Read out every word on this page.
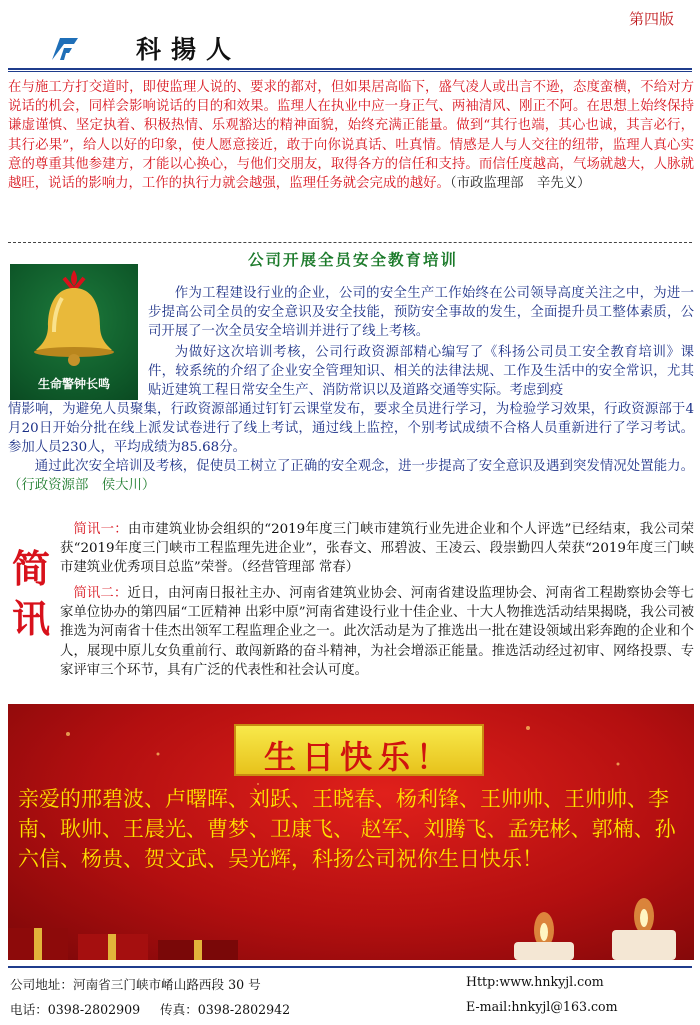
第四版
科揚人
在与施工方打交道时，即使监理人说的、要求的都对，但如果居高临下，盛气凌人或出言不逊，态度蛮横，不给对方说话的机会，同样会影响说话的目的和效果。监理人在执业中应一身正气、两袖清风、刚正不阿。在思想上始终保持谦虚谨慎、坚定执着、积极热情、乐观豁达的精神面貌，始终充满正能量。做到“其行也端，其心也诚，其言必行，其行必果”，给人以好的印象，使人愿意接近，敢于向你说真话、吐真情。情感是人与人交往的纽带，监理人真心实意的尊重其他参建方，才能以心换心，与他们交朋友，取得各方的信任和支持。而信任度越高，气场就越大，人脉就越旺，说话的影响力，工作的执行力就会越强，监理任务就会完成的越好。（市政监理部　辛先义）
生命警钟长鸣
公司开展全员安全教育培训
作为工程建设行业的企业，公司的安全生产工作始终在公司领导高度关注之中，为进一步提高公司全员的安全意识及安全技能，预防安全事故的发生，全面提升员工整体素质，公司开展了一次全员安全培训并进行了线上考核。
为做好这次培训考核，公司行政资源部精心编写了《科扬公司员工安全教育培训》课件，较系统的介绍了企业安全管理知识、相关的法律法规、工作及生活中的安全常识，尤其贴近建筑工程日常安全生产、消防常识以及道路交通等实际。考虑到疫
情影响，为避免人员聚集，行政资源部通过钉钉云课堂发布，要求全员进行学习，为检验学习效果，行政资源部于4月20日开始分批在线上派发试卷进行了线上考试，通过线上监控，个别考试成绩不合格人员重新进行了学习考试。参加人员230人，平均成绩为85.68分。
通过此次安全培训及考核，促使员工树立了正确的安全观念，进一步提高了安全意识及遇到突发情况处置能力。（行政资源部　侯大川）
简
讯
简讯一：由市建筑业协会组织的“2019年度三门峡市建筑行业先进企业和个人评选”已经结束，我公司荣获“2019年度三门峡市工程监理先进企业”，张春文、邢碧波、王凌云、段崇勤四人荣获“2019年度三门峡市建筑业优秀项目总监”荣誉。（经营管理部 常春）
简讯二：近日，由河南日报社主办、河南省建筑业协会、河南省建设监理协会、河南省工程勘察协会等七家单位协办的第四届“工匠精神 出彩中原”河南省建设行业十佳企业、十大人物推选活动结果揭晓，我公司被推选为河南省十佳杰出领军工程监理企业之一。此次活动是为了推选出一批在建设领域出彩奔跑的企业和个人，展现中原儿女负重前行、敢闯新路的奋斗精神，为社会增添正能量。推选活动经过初审、网络投票、专家评审三个环节，具有广泛的代表性和社会认可度。
生日快乐！
亲爱的邢碧波、卢曙晖、刘跃、王晓春、杨利锋、王帅帅、王帅帅、李南、耿帅、王晨光、曹梦、卫康飞、 赵军、刘腾飞、孟宪彬、郭楠、孙六信、杨贵、贺文武、吴光辉，科扬公司祝你生日快乐！
公司地址：河南省三门峡市崤山路西段 30 号	Http:www.hnkyjl.com
电话：0398-2802909 传真：0398-2802942	E-mail:hnkyjl@163.com
